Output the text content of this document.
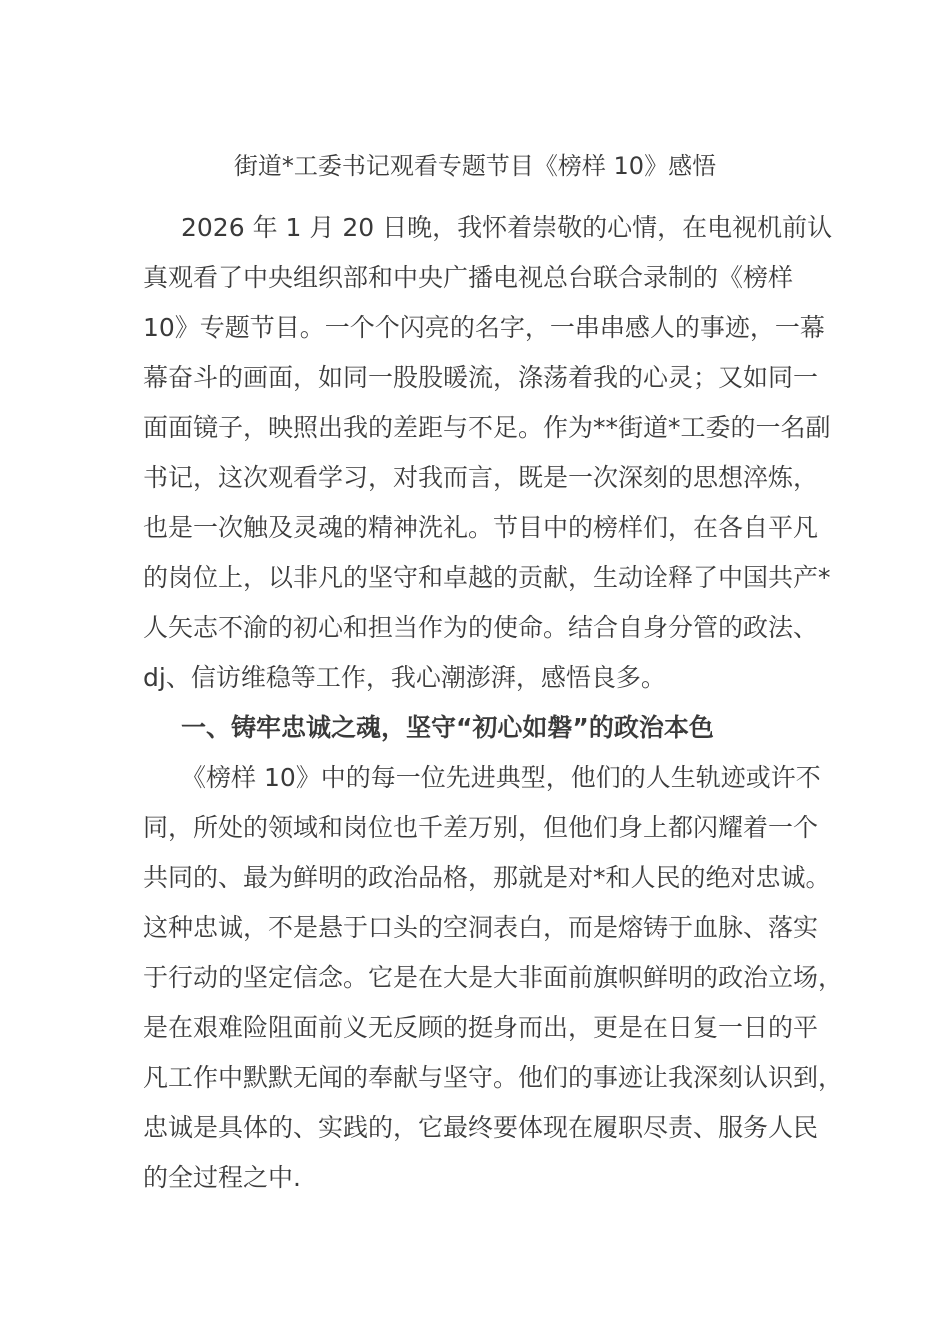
街道*工委书记观看专题节目《榜样 10》感悟
2026 年 1 月 20 日晚，我怀着崇敬的心情，在电视机前认
真观看了中央组织部和中央广播电视总台联合录制的《榜样
10》专题节目。一个个闪亮的名字，一串串感人的事迹，一幕
幕奋斗的画面，如同一股股暖流，涤荡着我的心灵；又如同一
面面镜子，映照出我的差距与不足。作为**街道*工委的一名副
书记，这次观看学习，对我而言，既是一次深刻的思想淬炼，
也是一次触及灵魂的精神洗礼。节目中的榜样们，在各自平凡
的岗位上，以非凡的坚守和卓越的贡献，生动诠释了中国共产*
人矢志不渝的初心和担当作为的使命。结合自身分管的政法、
dj、信访维稳等工作，我心潮澎湃，感悟良多。
一、铸牢忠诚之魂，坚守“初心如磐”的政治本色
《榜样 10》中的每一位先进典型，他们的人生轨迹或许不
同，所处的领域和岗位也千差万别，但他们身上都闪耀着一个
共同的、最为鲜明的政治品格，那就是对*和人民的绝对忠诚。
这种忠诚，不是悬于口头的空洞表白，而是熔铸于血脉、落实
于行动的坚定信念。它是在大是大非面前旗帜鲜明的政治立场，
是在艰难险阻面前义无反顾的挺身而出，更是在日复一日的平
凡工作中默默无闻的奉献与坚守。他们的事迹让我深刻认识到，
忠诚是具体的、实践的，它最终要体现在履职尽责、服务人民
的全过程之中.
